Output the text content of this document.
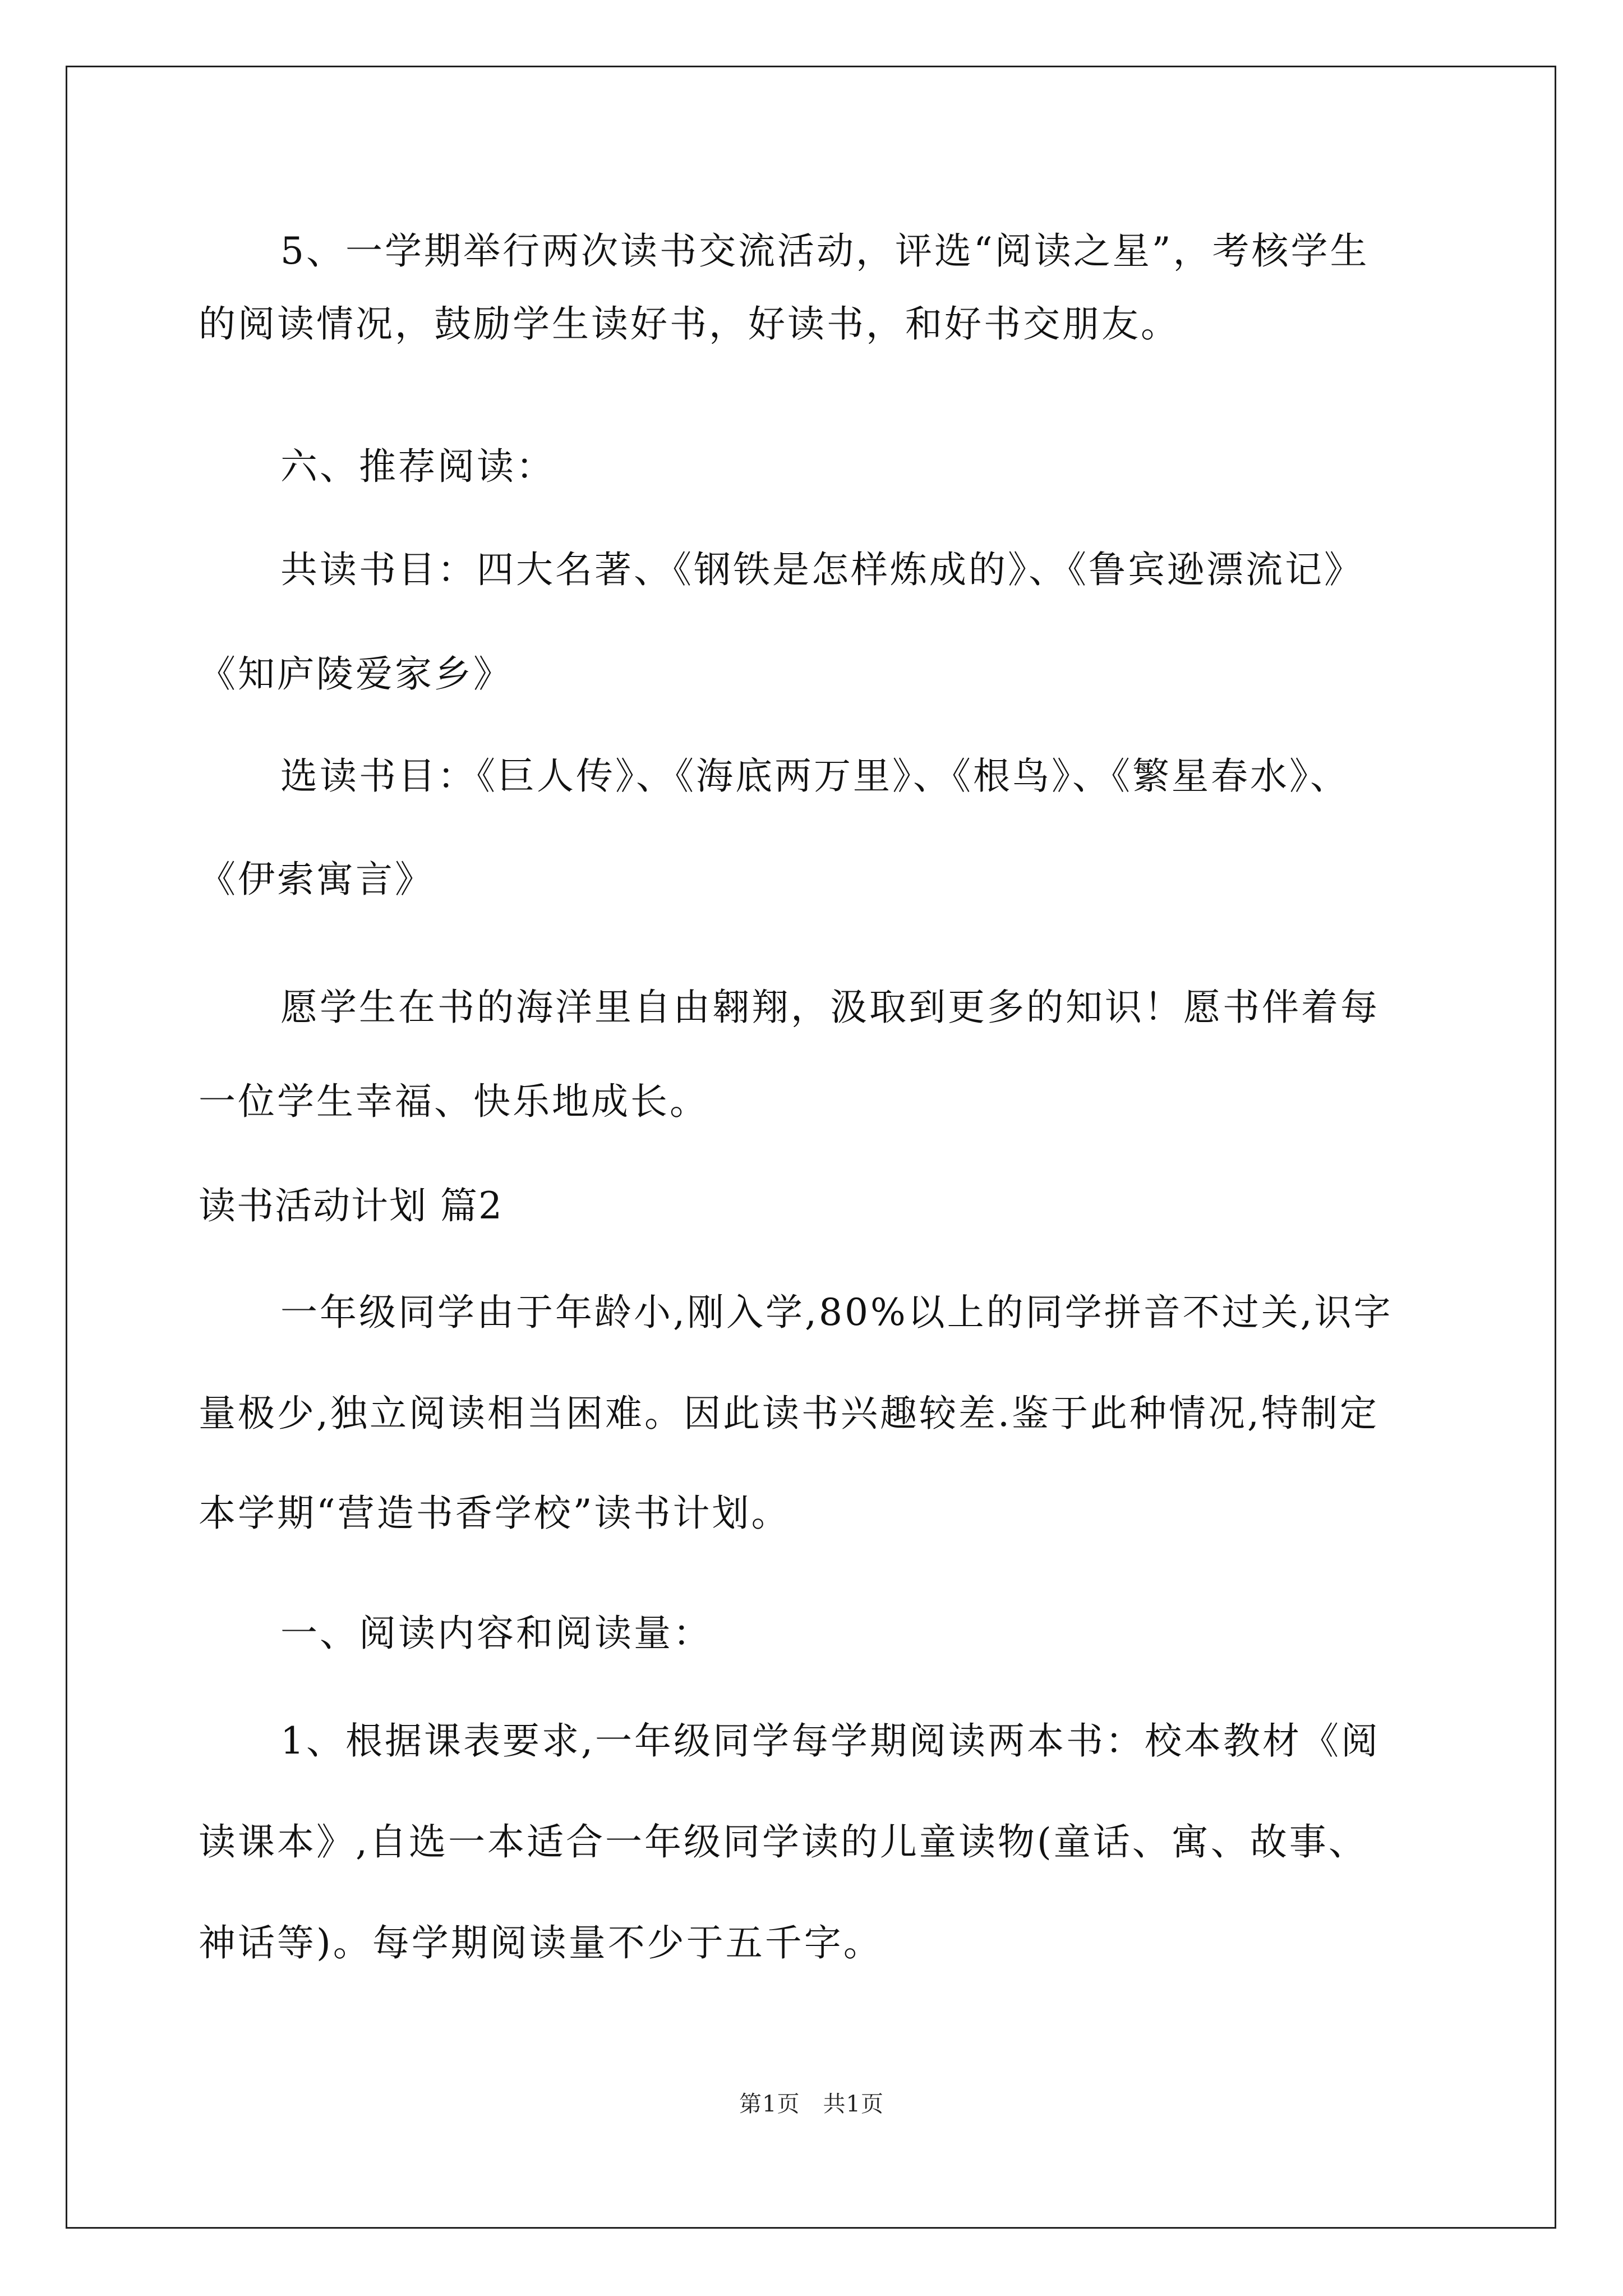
5、一学期举行两次读书交流活动，评选“阅读之星”，考核学生
的阅读情况，鼓励学生读好书，好读书，和好书交朋友。
六、推荐阅读：
共读书目：四大名著、《钢铁是怎样炼成的》、《鲁宾逊漂流记》
《知庐陵爱家乡》
选读书目：《巨人传》、《海底两万里》、《根鸟》、《繁星春水》、
《伊索寓言》
愿学生在书的海洋里自由翱翔，汲取到更多的知识！愿书伴着每
一位学生幸福、快乐地成长。
读书活动计划 篇2
一年级同学由于年龄小,刚入学,80%以上的同学拼音不过关,识字
量极少,独立阅读相当困难。因此读书兴趣较差.鉴于此种情况,特制定
本学期“营造书香学校”读书计划。
一、阅读内容和阅读量：
1、根据课表要求,一年级同学每学期阅读两本书：校本教材《阅
读课本》,自选一本适合一年级同学读的儿童读物(童话、寓、故事、
神话等)。每学期阅读量不少于五千字。
第1页　共1页
